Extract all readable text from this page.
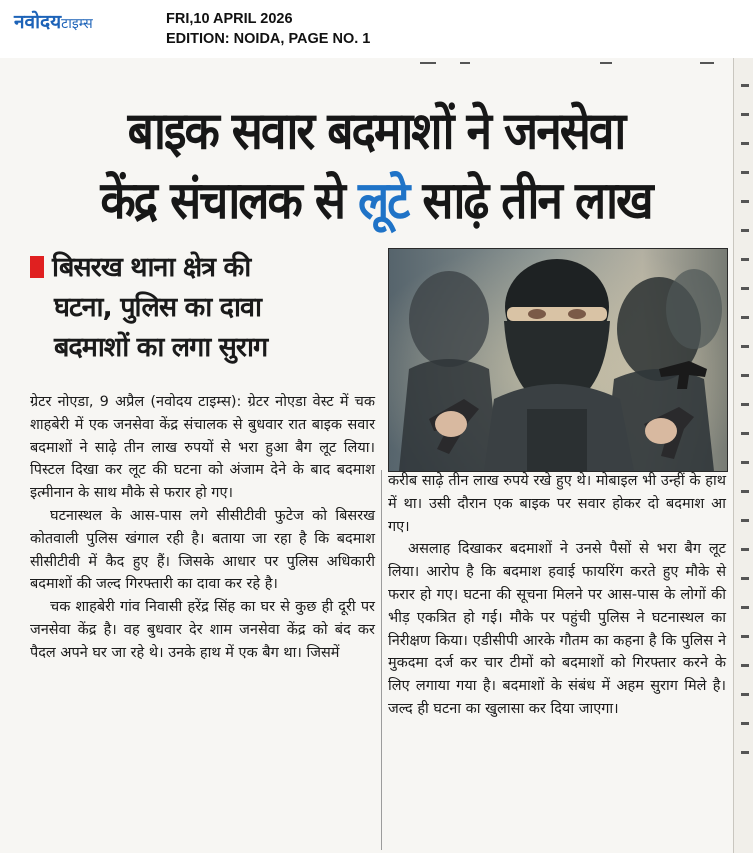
नवोदयटाइम्स	FRI,10 APRIL 2026
EDITION: NOIDA, PAGE NO. 1
बाइक सवार बदमाशों ने जनसेवा
केंद्र संचालक से लूटे साढ़े तीन लाख
बिसरख थाना क्षेत्र की
घटना, पुलिस का दावा
बदमाशों का लगा सुराग

ग्रेटर नोएडा, 9 अप्रैल (नवोदय टाइम्स): ग्रेटर नोएडा वेस्ट में चक शाहबेरी में एक जनसेवा केंद्र संचालक से बुधवार रात बाइक सवार बदमाशों ने साढ़े तीन लाख रुपयों से भरा हुआ बैग लूट लिया। पिस्टल दिखा कर लूट की घटना को अंजाम देने के बाद बदमाश इत्मीनान के साथ मौके से फरार हो गए।

घटनास्थल के आस-पास लगे सीसीटीवी फुटेज को बिसरख कोतवाली पुलिस खंगाल रही है। बताया जा रहा है कि बदमाश सीसीटीवी में कैद हुए हैं। जिसके आधार पर पुलिस अधिकारी बदमाशों की जल्द गिरफ्तारी का दावा कर रहे है।

चक शाहबेरी गांव निवासी हरेंद्र सिंह का घर से कुछ ही दूरी पर जनसेवा केंद्र है। वह बुधवार देर शाम जनसेवा केंद्र को बंद कर पैदल अपने घर जा रहे थे। उनके हाथ में एक बैग था। जिसमें

करीब साढ़े तीन लाख रुपये रखे हुए थे। मोबाइल भी उन्हीं के हाथ में था। उसी दौरान एक बाइक पर सवार होकर दो बदमाश आ गए।

असलाह दिखाकर बदमाशों ने उनसे पैसों से भरा बैग लूट लिया। आरोप है कि बदमाश हवाई फायरिंग करते हुए मौके से फरार हो गए। घटना की सूचना मिलने पर आस-पास के लोगों की भीड़ एकत्रित हो गई। मौके पर पहुंची पुलिस ने घटनास्थल का निरीक्षण किया। एडीसीपी आरके गौतम का कहना है कि पुलिस ने मुकदमा दर्ज कर चार टीमों को बदमाशों को गिरफ्तार करने के लिए लगाया गया है। बदमाशों के संबंध में अहम सुराग मिले है। जल्द ही घटना का खुलासा कर दिया जाएगा।
